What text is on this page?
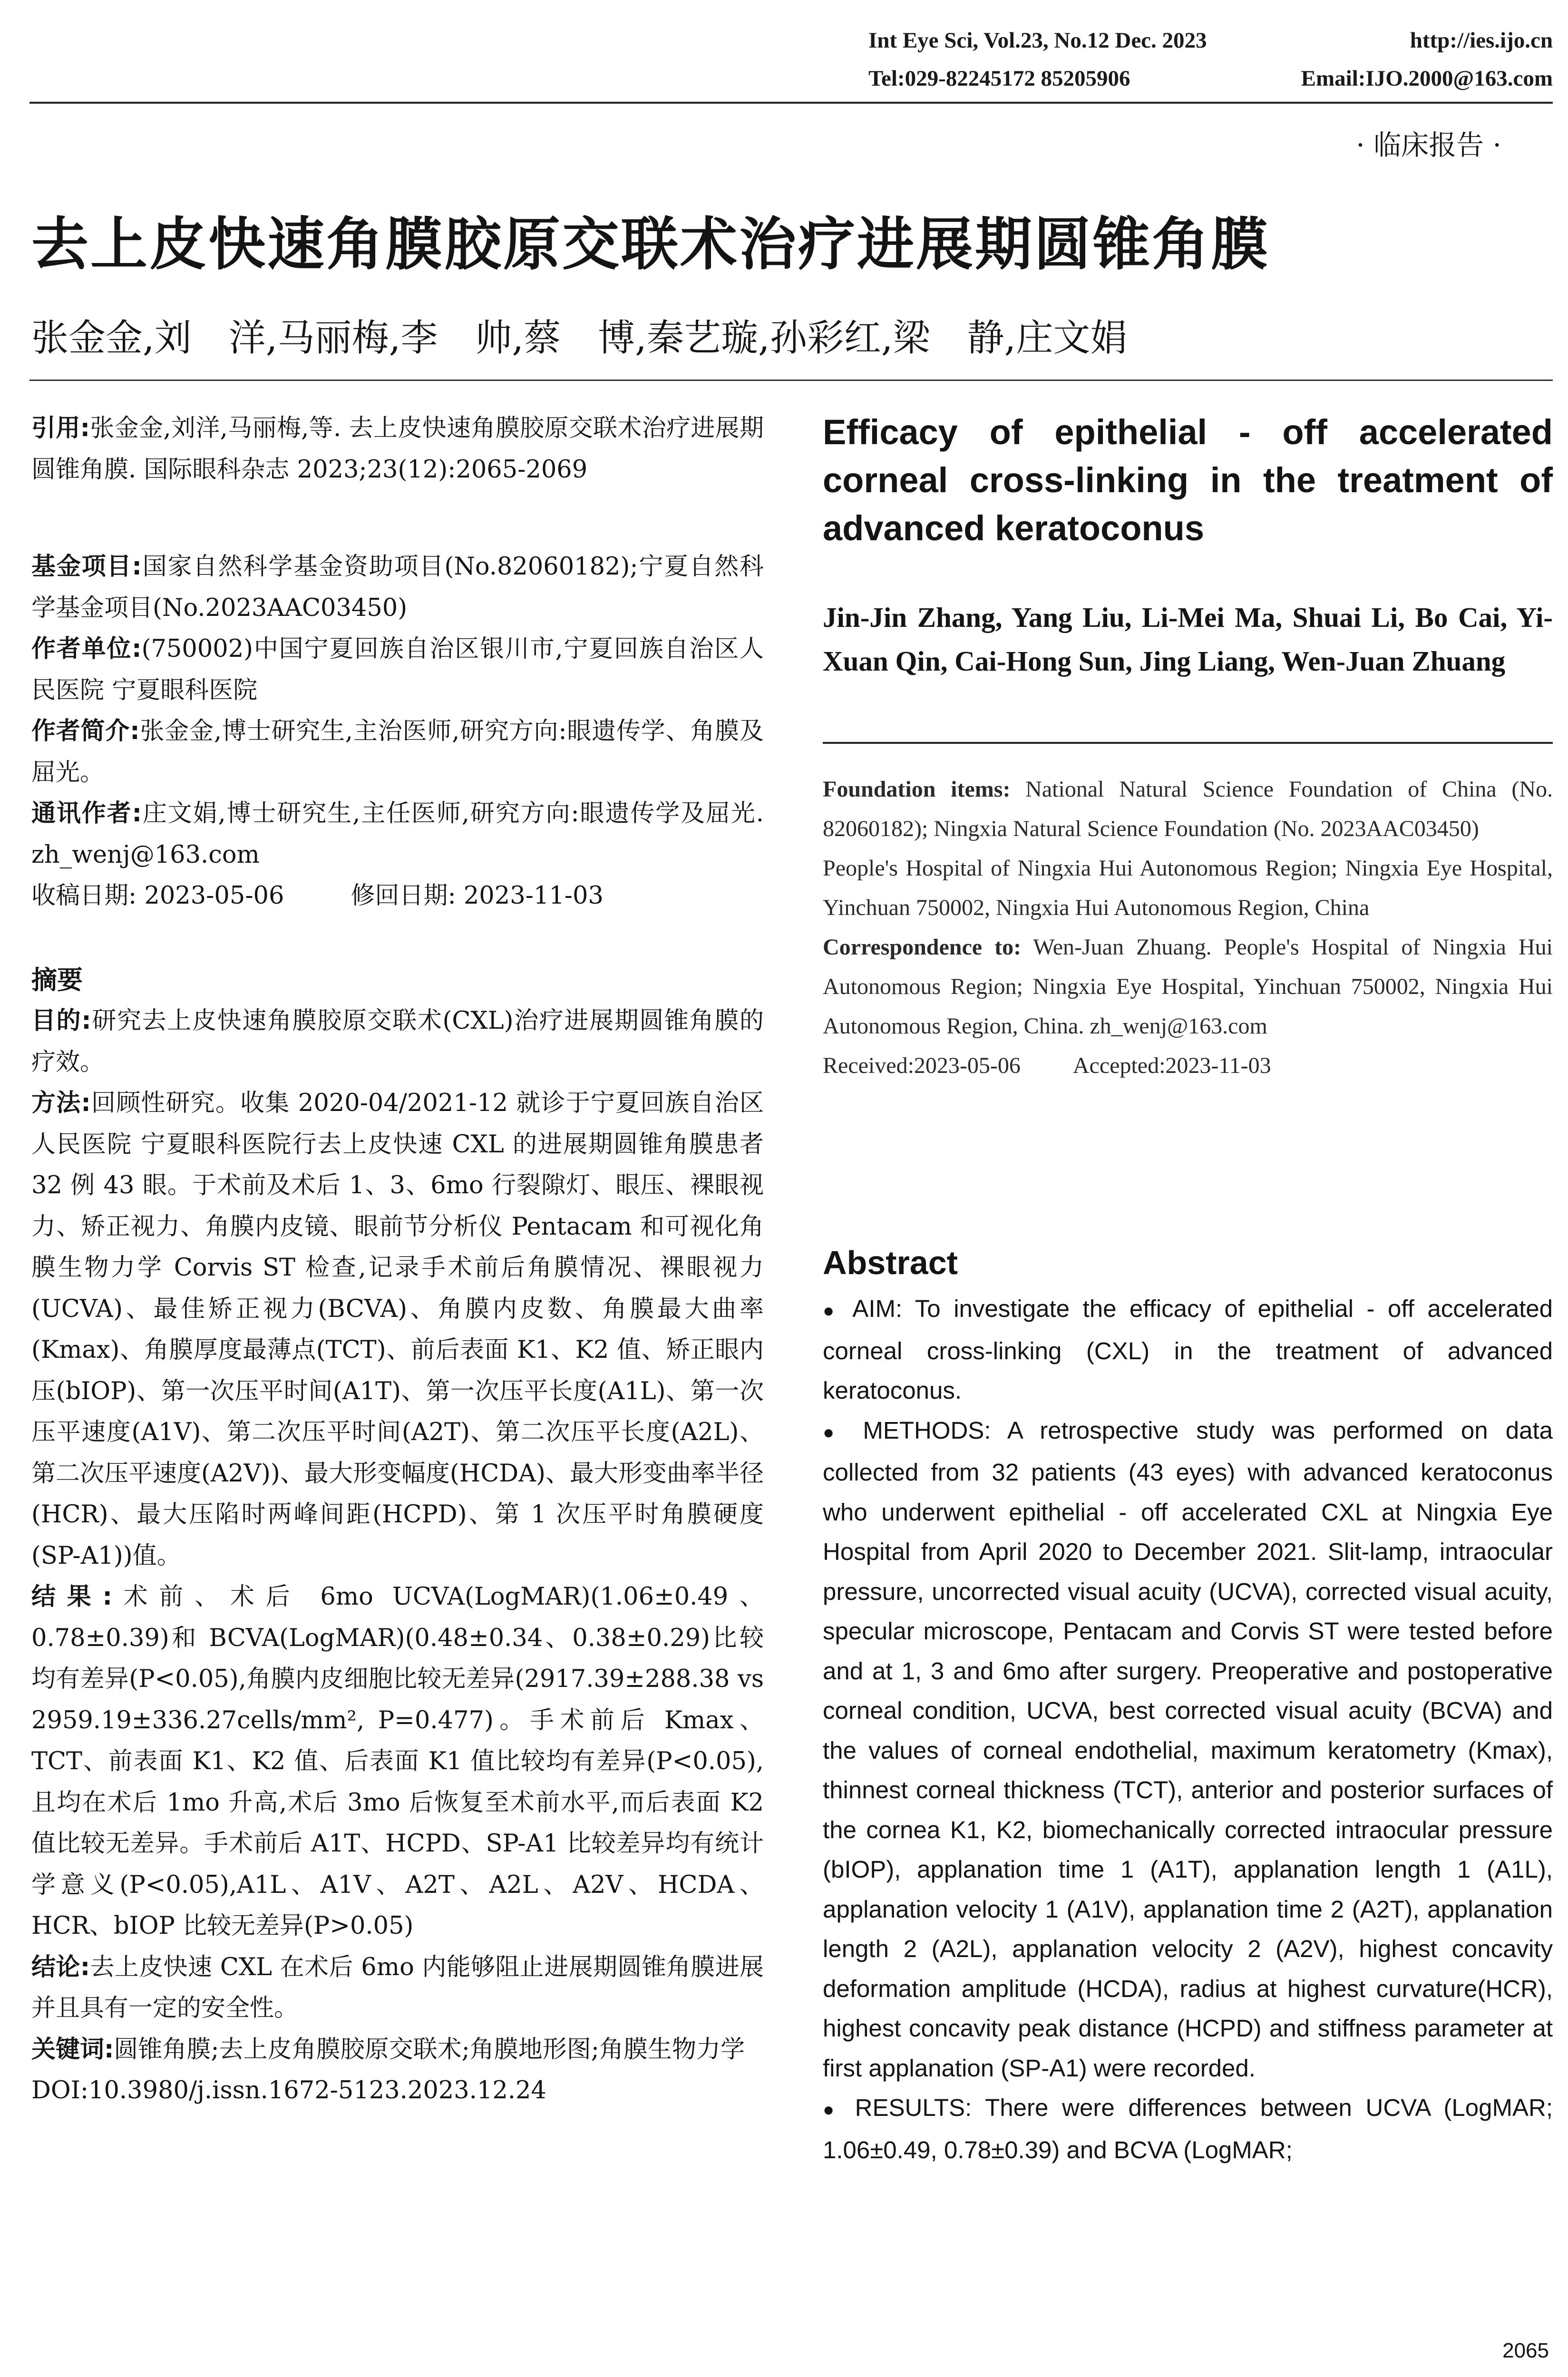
Int Eye Sci, Vol.23, No.12 Dec. 2023	http://ies.ijo.cn
Tel:029-82245172 85205906	Email:IJO.2000@163.com
· 临床报告 ·
去上皮快速角膜胶原交联术治疗进展期圆锥角膜
张金金,刘　洋,马丽梅,李　帅,蔡　博,秦艺璇,孙彩红,梁　静,庄文娟

引用:张金金,刘洋,马丽梅,等. 去上皮快速角膜胶原交联术治疗进展期圆锥角膜. 国际眼科杂志 2023;23(12):2065-2069

基金项目:国家自然科学基金资助项目(No.82060182);宁夏自然科学基金项目(No.2023AAC03450)

作者单位:(750002)中国宁夏回族自治区银川市,宁夏回族自治区人民医院 宁夏眼科医院

作者简介:张金金,博士研究生,主治医师,研究方向:眼遗传学、角膜及屈光。

通讯作者:庄文娟,博士研究生,主任医师,研究方向:眼遗传学及屈光. zh_wenj@163.com

收稿日期: 2023-05-06	修回日期: 2023-11-03

摘要

目的:研究去上皮快速角膜胶原交联术(CXL)治疗进展期圆锥角膜的疗效。

方法:回顾性研究。收集 2020-04/2021-12 就诊于宁夏回族自治区人民医院 宁夏眼科医院行去上皮快速 CXL 的进展期圆锥角膜患者 32 例 43 眼。于术前及术后 1、3、6mo 行裂隙灯、眼压、裸眼视力、矫正视力、角膜内皮镜、眼前节分析仪 Pentacam 和可视化角膜生物力学 Corvis ST 检查,记录手术前后角膜情况、裸眼视力(UCVA)、最佳矫正视力(BCVA)、角膜内皮数、角膜最大曲率(Kmax)、角膜厚度最薄点(TCT)、前后表面 K1、K2 值、矫正眼内压(bIOP)、第一次压平时间(A1T)、第一次压平长度(A1L)、第一次压平速度(A1V)、第二次压平时间(A2T)、第二次压平长度(A2L)、第二次压平速度(A2V))、最大形变幅度(HCDA)、最大形变曲率半径(HCR)、最大压陷时两峰间距(HCPD)、第 1 次压平时角膜硬度(SP-A1))值。

结果:术前、术后 6mo UCVA(LogMAR)(1.06±0.49、0.78±0.39)和 BCVA(LogMAR)(0.48±0.34、0.38±0.29)比较均有差异(P<0.05),角膜内皮细胞比较无差异(2917.39±288.38 vs 2959.19±336.27cells/mm², P=0.477)。手术前后 Kmax、TCT、前表面 K1、K2 值、后表面 K1 值比较均有差异(P<0.05),且均在术后 1mo 升高,术后 3mo 后恢复至术前水平,而后表面 K2 值比较无差异。手术前后 A1T、HCPD、SP-A1 比较差异均有统计学意义(P<0.05),A1L、A1V、A2T、A2L、A2V、HCDA、HCR、bIOP 比较无差异(P>0.05)

结论:去上皮快速 CXL 在术后 6mo 内能够阻止进展期圆锥角膜进展并且具有一定的安全性。

关键词:圆锥角膜;去上皮角膜胶原交联术;角膜地形图;角膜生物力学

DOI:10.3980/j.issn.1672-5123.2023.12.24

Efficacy of epithelial - off accelerated corneal cross-linking in the treatment of advanced keratoconus
Jin-Jin Zhang, Yang Liu, Li-Mei Ma, Shuai Li, Bo Cai, Yi-Xuan Qin, Cai-Hong Sun, Jing Liang, Wen-Juan Zhuang

Foundation items: National Natural Science Foundation of China (No. 82060182); Ningxia Natural Science Foundation (No. 2023AAC03450)

People's Hospital of Ningxia Hui Autonomous Region; Ningxia Eye Hospital, Yinchuan 750002, Ningxia Hui Autonomous Region, China

Correspondence to: Wen-Juan Zhuang. People's Hospital of Ningxia Hui Autonomous Region; Ningxia Eye Hospital, Yinchuan 750002, Ningxia Hui Autonomous Region, China. zh_wenj@163.com

Received:2023-05-06 Accepted:2023-11-03

Abstract

● AIM: To investigate the efficacy of epithelial - off accelerated corneal cross-linking (CXL) in the treatment of advanced keratoconus.

● METHODS: A retrospective study was performed on data collected from 32 patients (43 eyes) with advanced keratoconus who underwent epithelial - off accelerated CXL at Ningxia Eye Hospital from April 2020 to December 2021. Slit-lamp, intraocular pressure, uncorrected visual acuity (UCVA), corrected visual acuity, specular microscope, Pentacam and Corvis ST were tested before and at 1, 3 and 6mo after surgery. Preoperative and postoperative corneal condition, UCVA, best corrected visual acuity (BCVA) and the values of corneal endothelial, maximum keratometry (Kmax), thinnest corneal thickness (TCT), anterior and posterior surfaces of the cornea K1, K2, biomechanically corrected intraocular pressure (bIOP), applanation time 1 (A1T), applanation length 1 (A1L), applanation velocity 1 (A1V), applanation time 2 (A2T), applanation length 2 (A2L), applanation velocity 2 (A2V), highest concavity deformation amplitude (HCDA), radius at highest curvature(HCR), highest concavity peak distance (HCPD) and stiffness parameter at first applanation (SP-A1) were recorded.

● RESULTS: There were differences between UCVA (LogMAR; 1.06±0.49, 0.78±0.39) and BCVA (LogMAR;

2065
